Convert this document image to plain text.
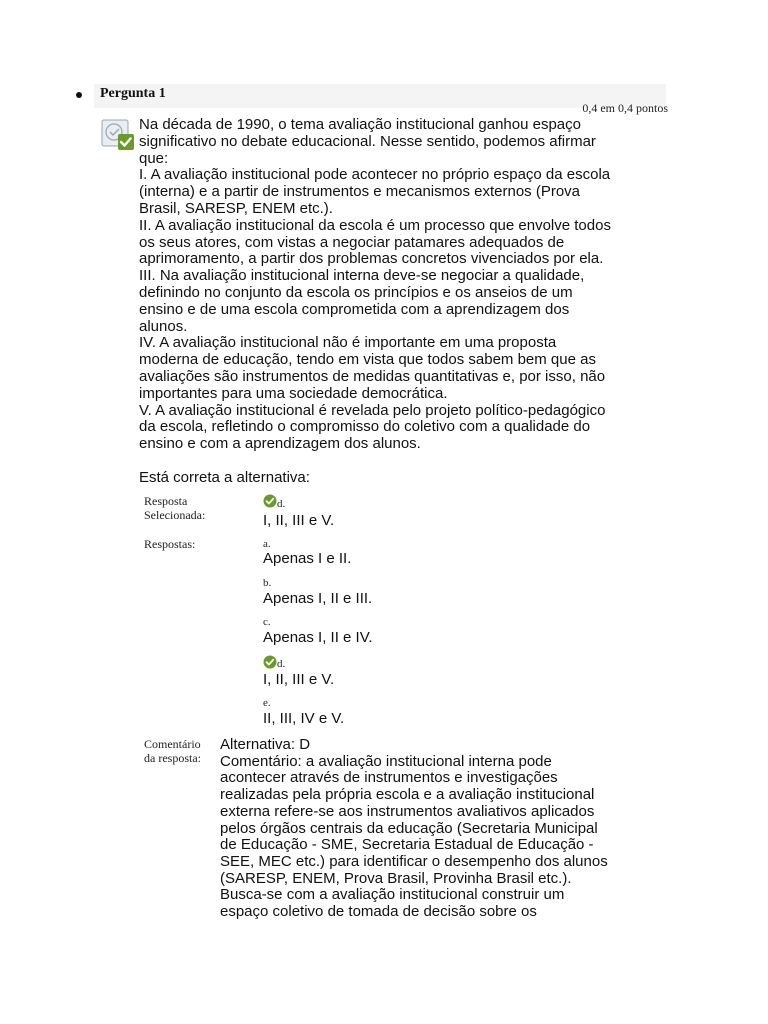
Pergunta 1
0,4 em 0,4 pontos
Na década de 1990, o tema avaliação institucional ganhou espaço
significativo no debate educacional. Nesse sentido, podemos afirmar
que:
I. A avaliação institucional pode acontecer no próprio espaço da escola
(interna) e a partir de instrumentos e mecanismos externos (Prova
Brasil, SARESP, ENEM etc.).
II. A avaliação institucional da escola é um processo que envolve todos
os seus atores, com vistas a negociar patamares adequados de
aprimoramento, a partir dos problemas concretos vivenciados por ela.
III. Na avaliação institucional interna deve-se negociar a qualidade,
definindo no conjunto da escola os princípios e os anseios de um
ensino e de uma escola comprometida com a aprendizagem dos
alunos.
IV. A avaliação institucional não é importante em uma proposta
moderna de educação, tendo em vista que todos sabem bem que as
avaliações são instrumentos de medidas quantitativas e, por isso, não
importantes para uma sociedade democrática.
V. A avaliação institucional é revelada pelo projeto político-pedagógico
da escola, refletindo o compromisso do coletivo com a qualidade do
ensino e com a aprendizagem dos alunos.
Está correta a alternativa:
Resposta
Selecionada:
d.
I, II, III e V.
Respostas:	a.
Apenas I e II.
b.
Apenas I, II e III.
c.
Apenas I, II e IV.
d.
I, II, III e V.
e.
II, III, IV e V.
Comentário
da resposta:
Alternativa: D
Comentário: a avaliação institucional interna pode
acontecer através de instrumentos e investigações
realizadas pela própria escola e a avaliação institucional
externa refere-se aos instrumentos avaliativos aplicados
pelos órgãos centrais da educação (Secretaria Municipal
de Educação - SME, Secretaria Estadual de Educação -
SEE, MEC etc.) para identificar o desempenho dos alunos
(SARESP, ENEM, Prova Brasil, Provinha Brasil etc.).
Busca-se com a avaliação institucional construir um
espaço coletivo de tomada de decisão sobre os
